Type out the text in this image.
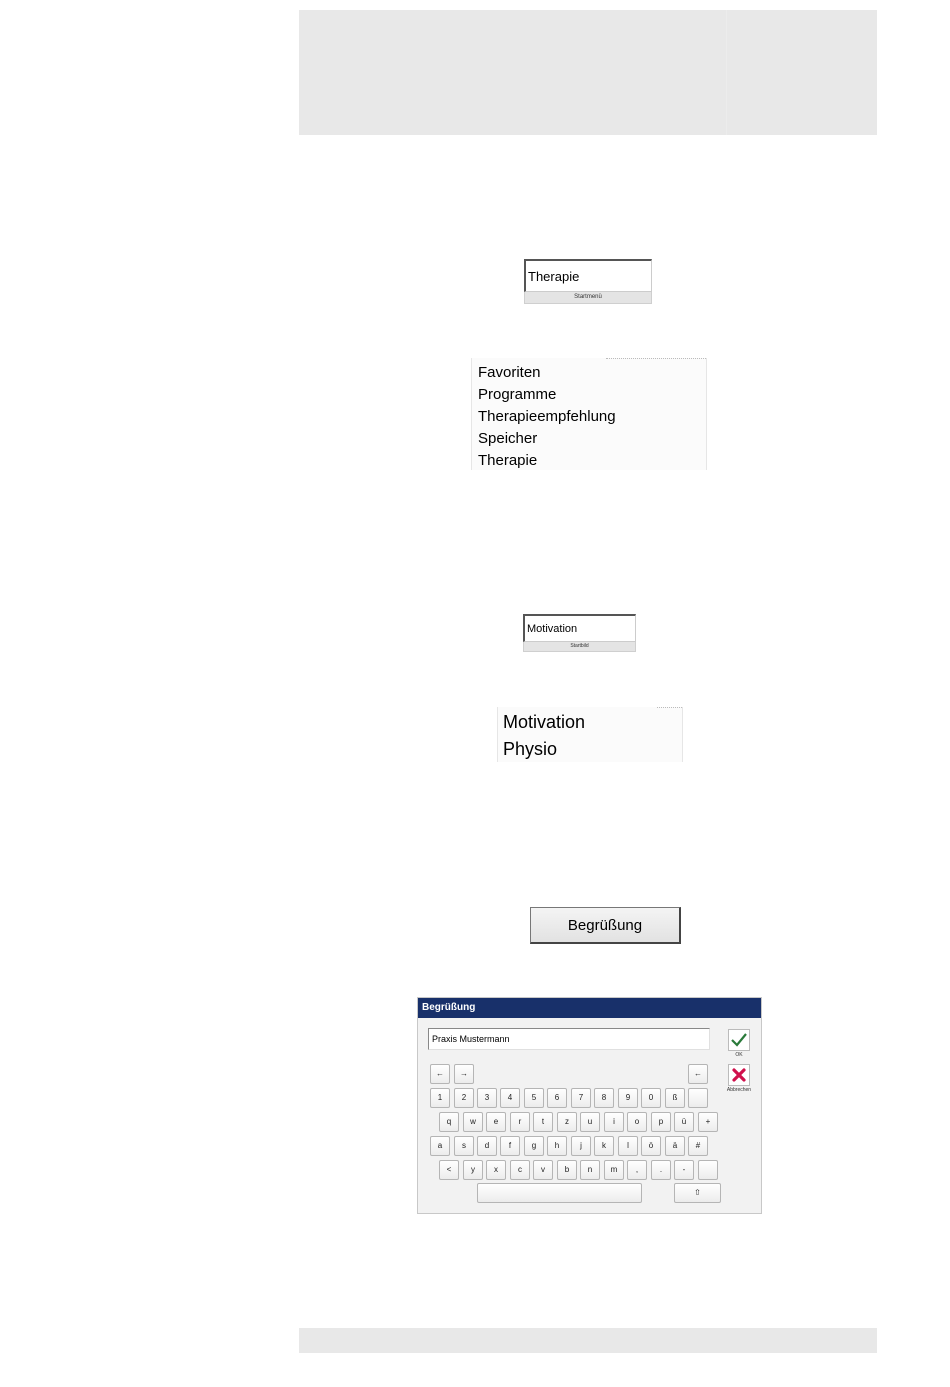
Therapie
Startmenü
Favoriten
Programme
Therapieempfehlung
Speicher
Therapie
Motivation
Startbild
Motivation
Physio
Begrüßung
Begrüßung
Praxis Mustermann
OK
Abbrechen
←	→	←
1	2	3	4	5	6	7	8	9	0	ß
q	w	e	r	t	z	u	i	o	p	ü	+
a	s	d	f	g	h	j	k	l	ö	ä	#
<	y	x	c	v	b	n	m	,	.	-
⇧
